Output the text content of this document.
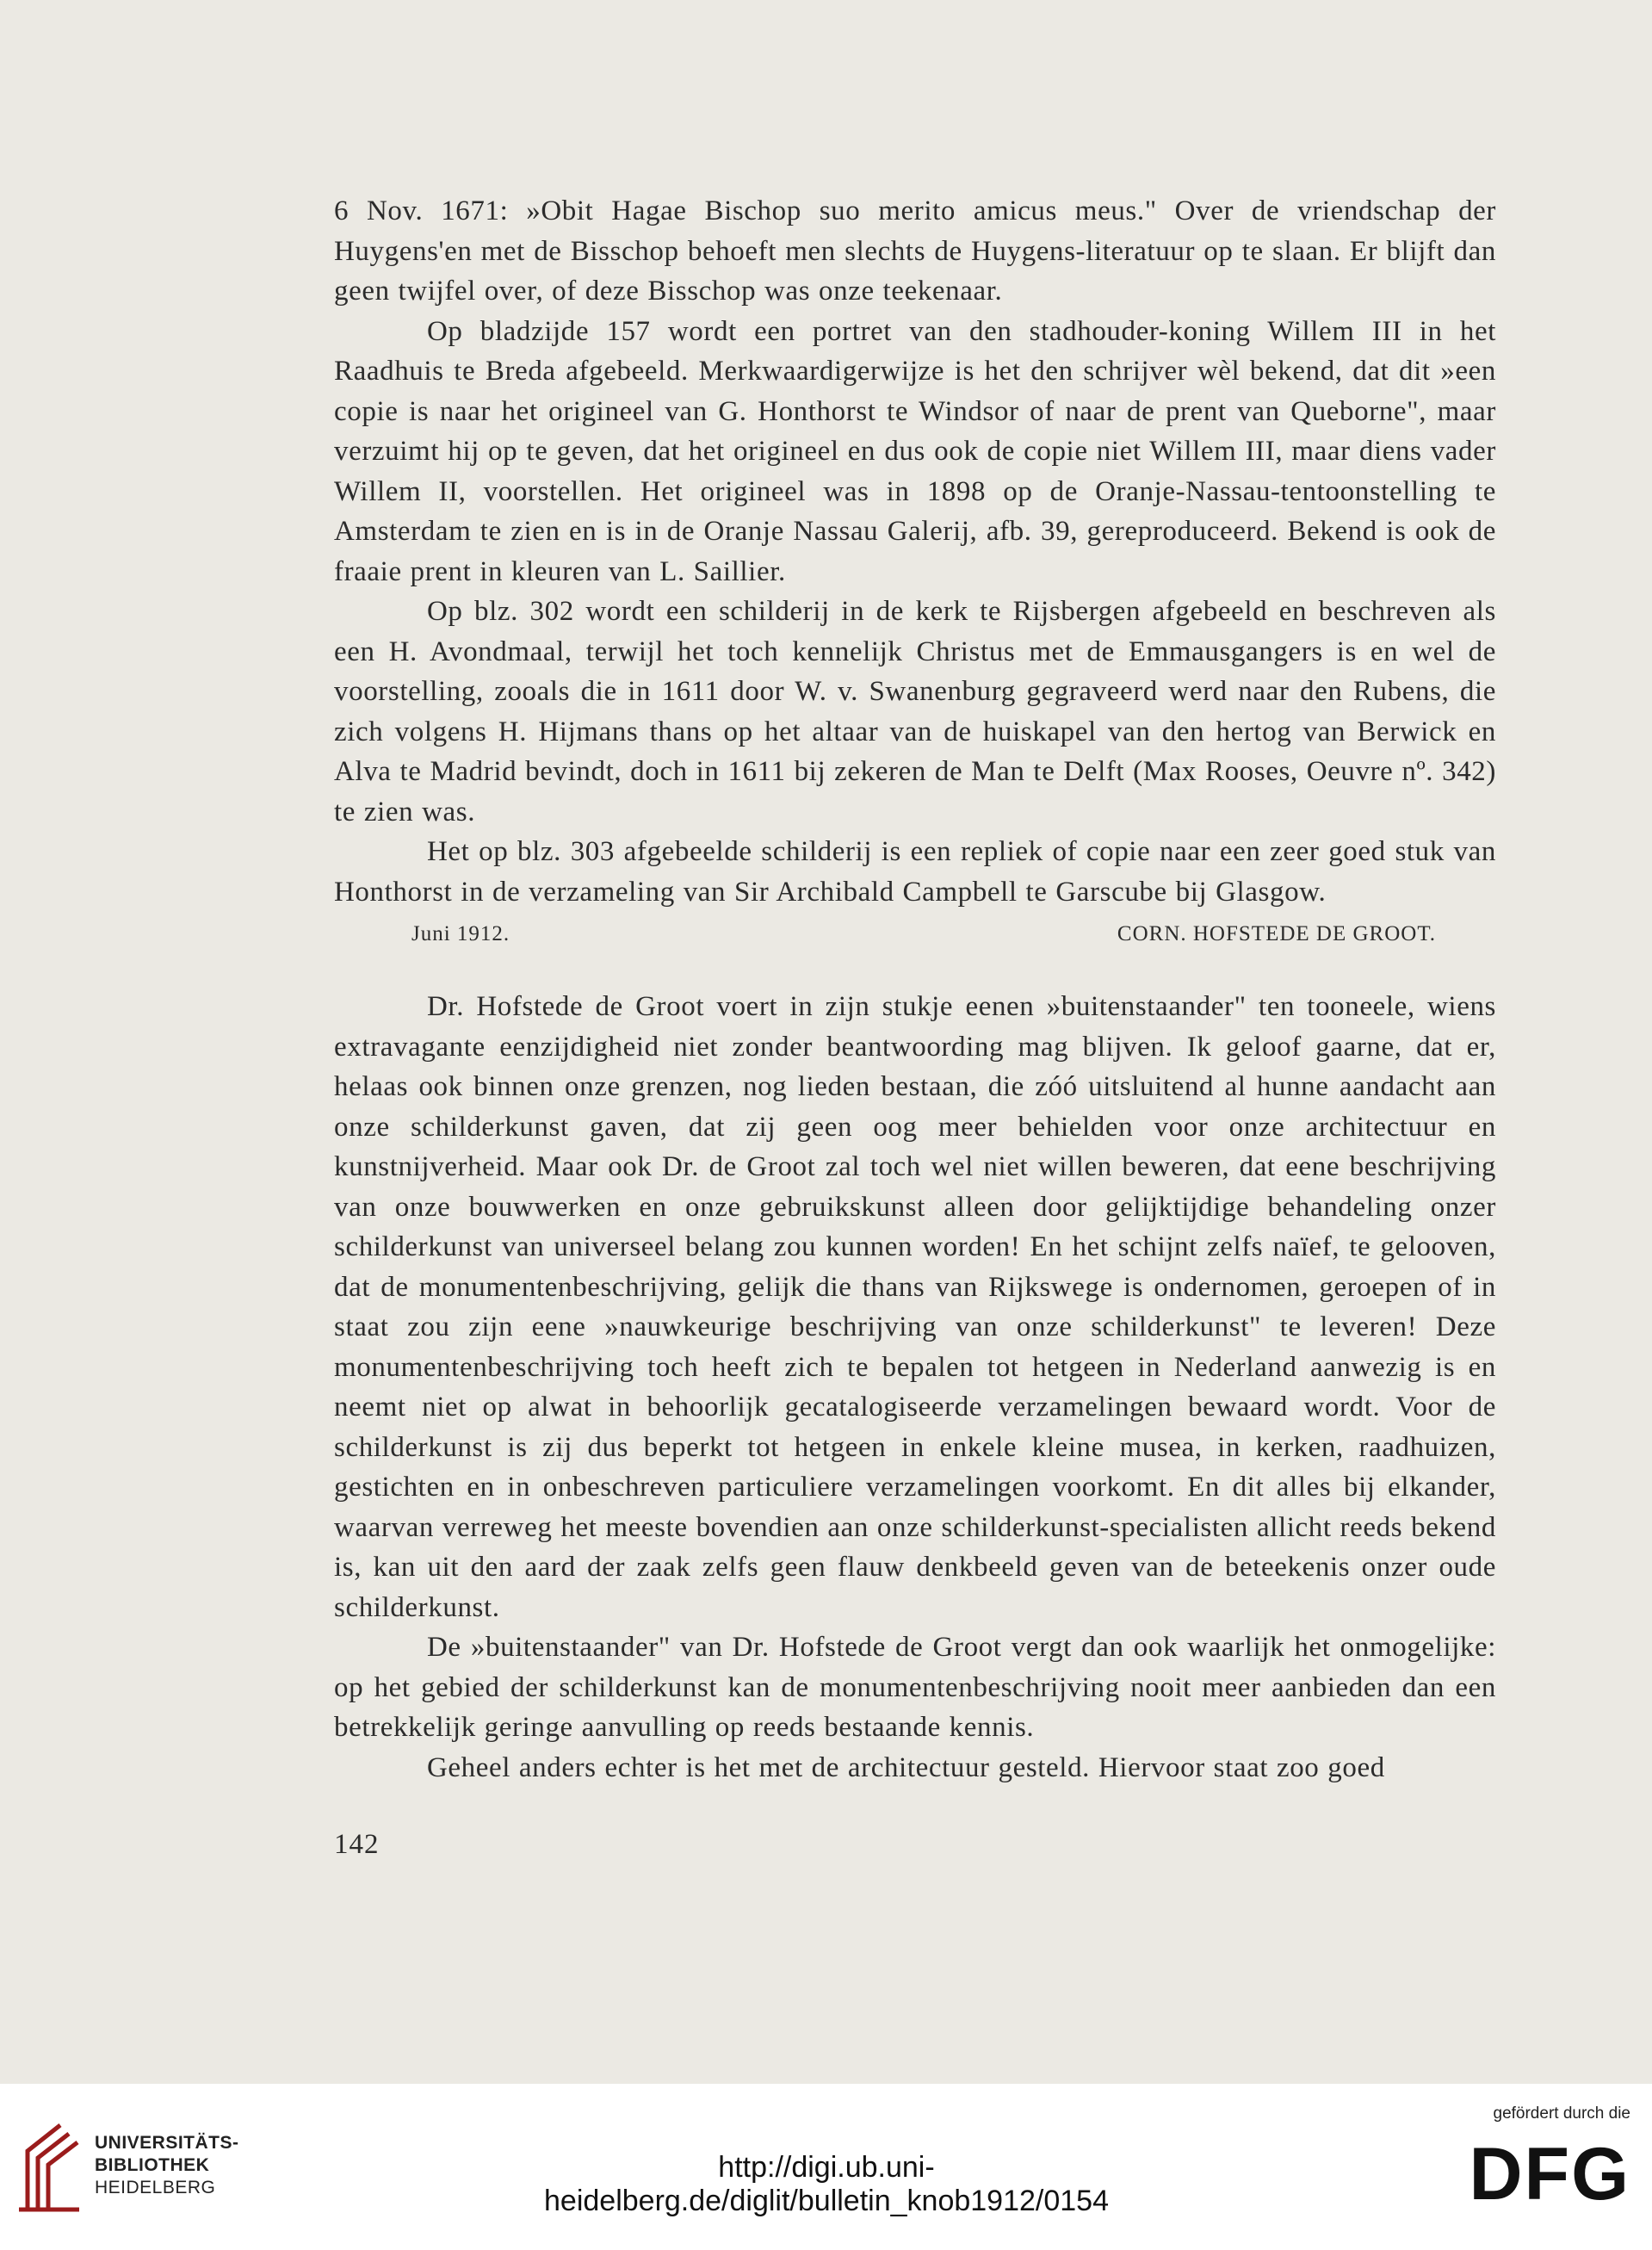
6 Nov. 1671: »Obit Hagae Bischop suo merito amicus meus." Over de vriendschap der Huygens'en met de Bisschop behoeft men slechts de Huygens-literatuur op te slaan. Er blijft dan geen twijfel over, of deze Bisschop was onze teekenaar.

Op bladzijde 157 wordt een portret van den stadhouder-koning Willem III in het Raadhuis te Breda afgebeeld. Merkwaardigerwijze is het den schrijver wèl bekend, dat dit »een copie is naar het origineel van G. Honthorst te Windsor of naar de prent van Queborne", maar verzuimt hij op te geven, dat het origineel en dus ook de copie niet Willem III, maar diens vader Willem II, voorstellen. Het origineel was in 1898 op de Oranje-Nassau-tentoonstelling te Amsterdam te zien en is in de Oranje Nassau Galerij, afb. 39, gereproduceerd. Bekend is ook de fraaie prent in kleuren van L. Saillier.

Op blz. 302 wordt een schilderij in de kerk te Rijsbergen afgebeeld en beschreven als een H. Avondmaal, terwijl het toch kennelijk Christus met de Emmausgangers is en wel de voorstelling, zooals die in 1611 door W. v. Swanenburg gegraveerd werd naar den Rubens, die zich volgens H. Hijmans thans op het altaar van de huiskapel van den hertog van Berwick en Alva te Madrid bevindt, doch in 1611 bij zekeren de Man te Delft (Max Rooses, Oeuvre nº. 342) te zien was.

Het op blz. 303 afgebeelde schilderij is een repliek of copie naar een zeer goed stuk van Honthorst in de verzameling van Sir Archibald Campbell te Garscube bij Glasgow.

Juni 1912.	CORN. HOFSTEDE DE GROOT.

Dr. Hofstede de Groot voert in zijn stukje eenen »buitenstaander" ten tooneele, wiens extravagante eenzijdigheid niet zonder beantwoording mag blijven. Ik geloof gaarne, dat er, helaas ook binnen onze grenzen, nog lieden bestaan, die zóó uitsluitend al hunne aandacht aan onze schilderkunst gaven, dat zij geen oog meer behielden voor onze architectuur en kunstnijverheid. Maar ook Dr. de Groot zal toch wel niet willen beweren, dat eene beschrijving van onze bouwwerken en onze gebruikskunst alleen door gelijktijdige behandeling onzer schilderkunst van universeel belang zou kunnen worden! En het schijnt zelfs naïef, te gelooven, dat de monumentenbeschrijving, gelijk die thans van Rijkswege is ondernomen, geroepen of in staat zou zijn eene »nauwkeurige beschrijving van onze schilderkunst" te leveren! Deze monumentenbeschrijving toch heeft zich te bepalen tot hetgeen in Nederland aanwezig is en neemt niet op alwat in behoorlijk gecatalogiseerde verzamelingen bewaard wordt. Voor de schilderkunst is zij dus beperkt tot hetgeen in enkele kleine musea, in kerken, raadhuizen, gestichten en in onbeschreven particuliere verzamelingen voorkomt. En dit alles bij elkander, waarvan verreweg het meeste bovendien aan onze schilderkunst-specialisten allicht reeds bekend is, kan uit den aard der zaak zelfs geen flauw denkbeeld geven van de beteekenis onzer oude schilderkunst.

De »buitenstaander" van Dr. Hofstede de Groot vergt dan ook waarlijk het onmogelijke: op het gebied der schilderkunst kan de monumentenbeschrijving nooit meer aanbieden dan een betrekkelijk geringe aanvulling op reeds bestaande kennis.

Geheel anders echter is het met de architectuur gesteld. Hiervoor staat zoo goed

142
UNIVERSITÄTS-
BIBLIOTHEK
HEIDELBERG
http://digi.ub.uni-heidelberg.de/diglit/bulletin_knob1912/0154
gefördert durch die
DFG
